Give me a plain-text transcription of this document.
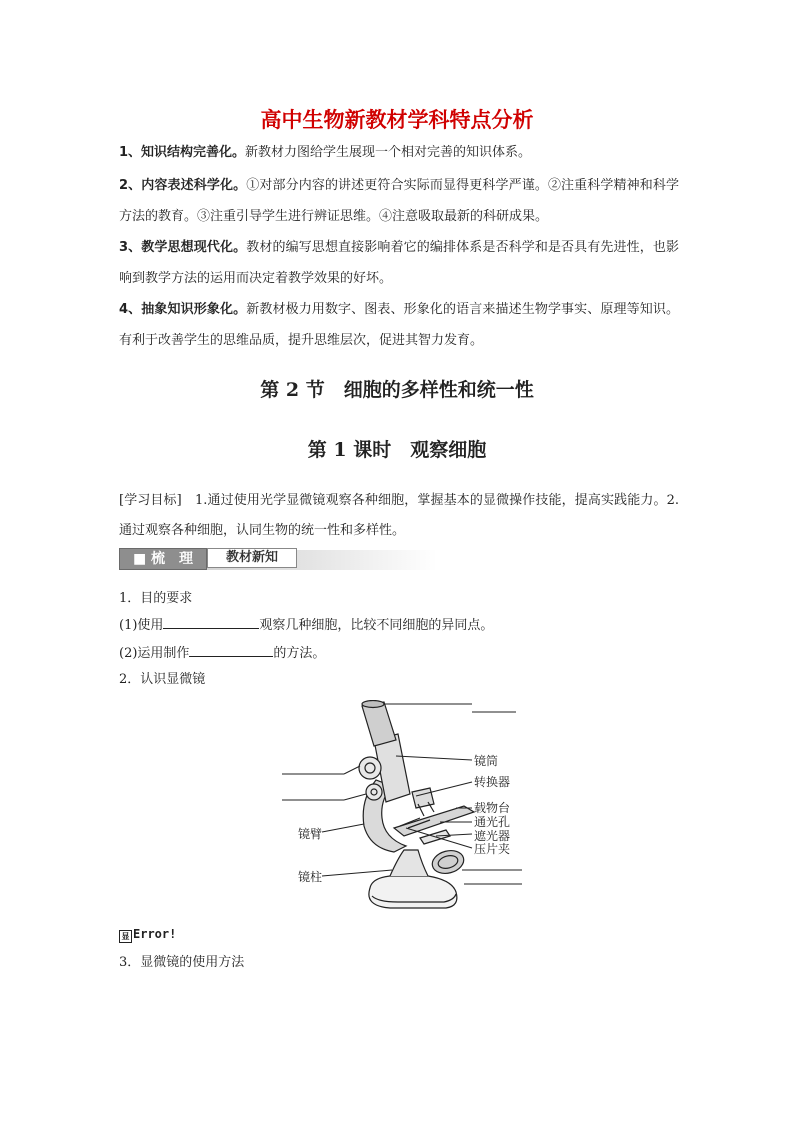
高中生物新教材学科特点分析
1、知识结构完善化。新教材力图给学生展现一个相对完善的知识体系。
2、内容表述科学化。①对部分内容的讲述更符合实际而显得更科学严谨。②注重科学精神和科学方法的教育。③注重引导学生进行辨证思维。④注意吸取最新的科研成果。
3、教学思想现代化。教材的编写思想直接影响着它的编排体系是否科学和是否具有先进性，也影响到教学方法的运用而决定着教学效果的好坏。
4、抽象知识形象化。新教材极力用数字、图表、形象化的语言来描述生物学事实、原理等知识。有利于改善学生的思维品质，提升思维层次，促进其智力发育。
第 2 节　细胞的多样性和统一性
第 1 课时　观察细胞
[学习目标]　1.通过使用光学显微镜观察各种细胞，掌握基本的显微操作技能，提高实践能力。2.通过观察各种细胞，认同生物的统一性和多样性。
■ 梳　理	教材新知
1．目的要求
(1)使用	观察几种细胞，比较不同细胞的异同点。
(2)运用制作	的方法。
2．认识显微镜
镜筒
转换器
载物台
通光孔
遮光器
压片夹
镜臂
镜柱
显 Error!
3．显微镜的使用方法
